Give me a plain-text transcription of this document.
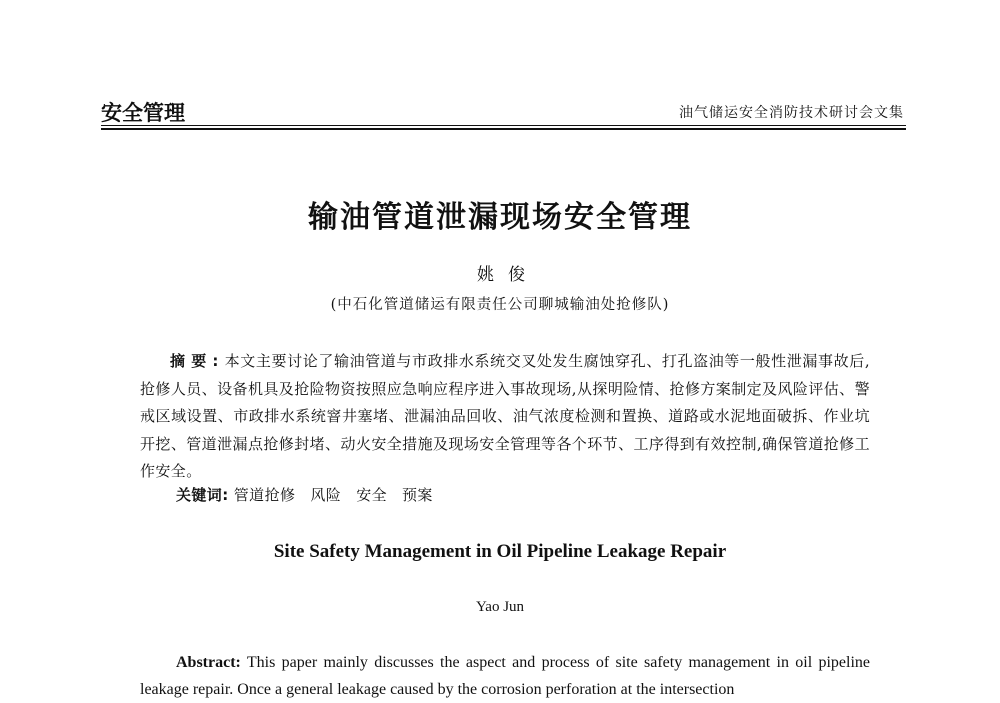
安全管理	油气储运安全消防技术研讨会文集
输油管道泄漏现场安全管理
姚俊
(中石化管道储运有限责任公司聊城输油处抢修队)
摘要:本文主要讨论了输油管道与市政排水系统交叉处发生腐蚀穿孔、打孔盗油等一般性泄漏事故后,抢修人员、设备机具及抢险物资按照应急响应程序进入事故现场,从探明险情、抢修方案制定及风险评估、警戒区域设置、市政排水系统窨井塞堵、泄漏油品回收、油气浓度检测和置换、道路或水泥地面破拆、作业坑开挖、管道泄漏点抢修封堵、动火安全措施及现场安全管理等各个环节、工序得到有效控制,确保管道抢修工作安全。
关键词: 管道抢修 风险 安全 预案
Site Safety Management in Oil Pipeline Leakage Repair
Yao Jun
Abstract: This paper mainly discusses the aspect and process of site safety management in oil pipeline leakage repair. Once a general leakage caused by the corrosion perforation at the intersection
